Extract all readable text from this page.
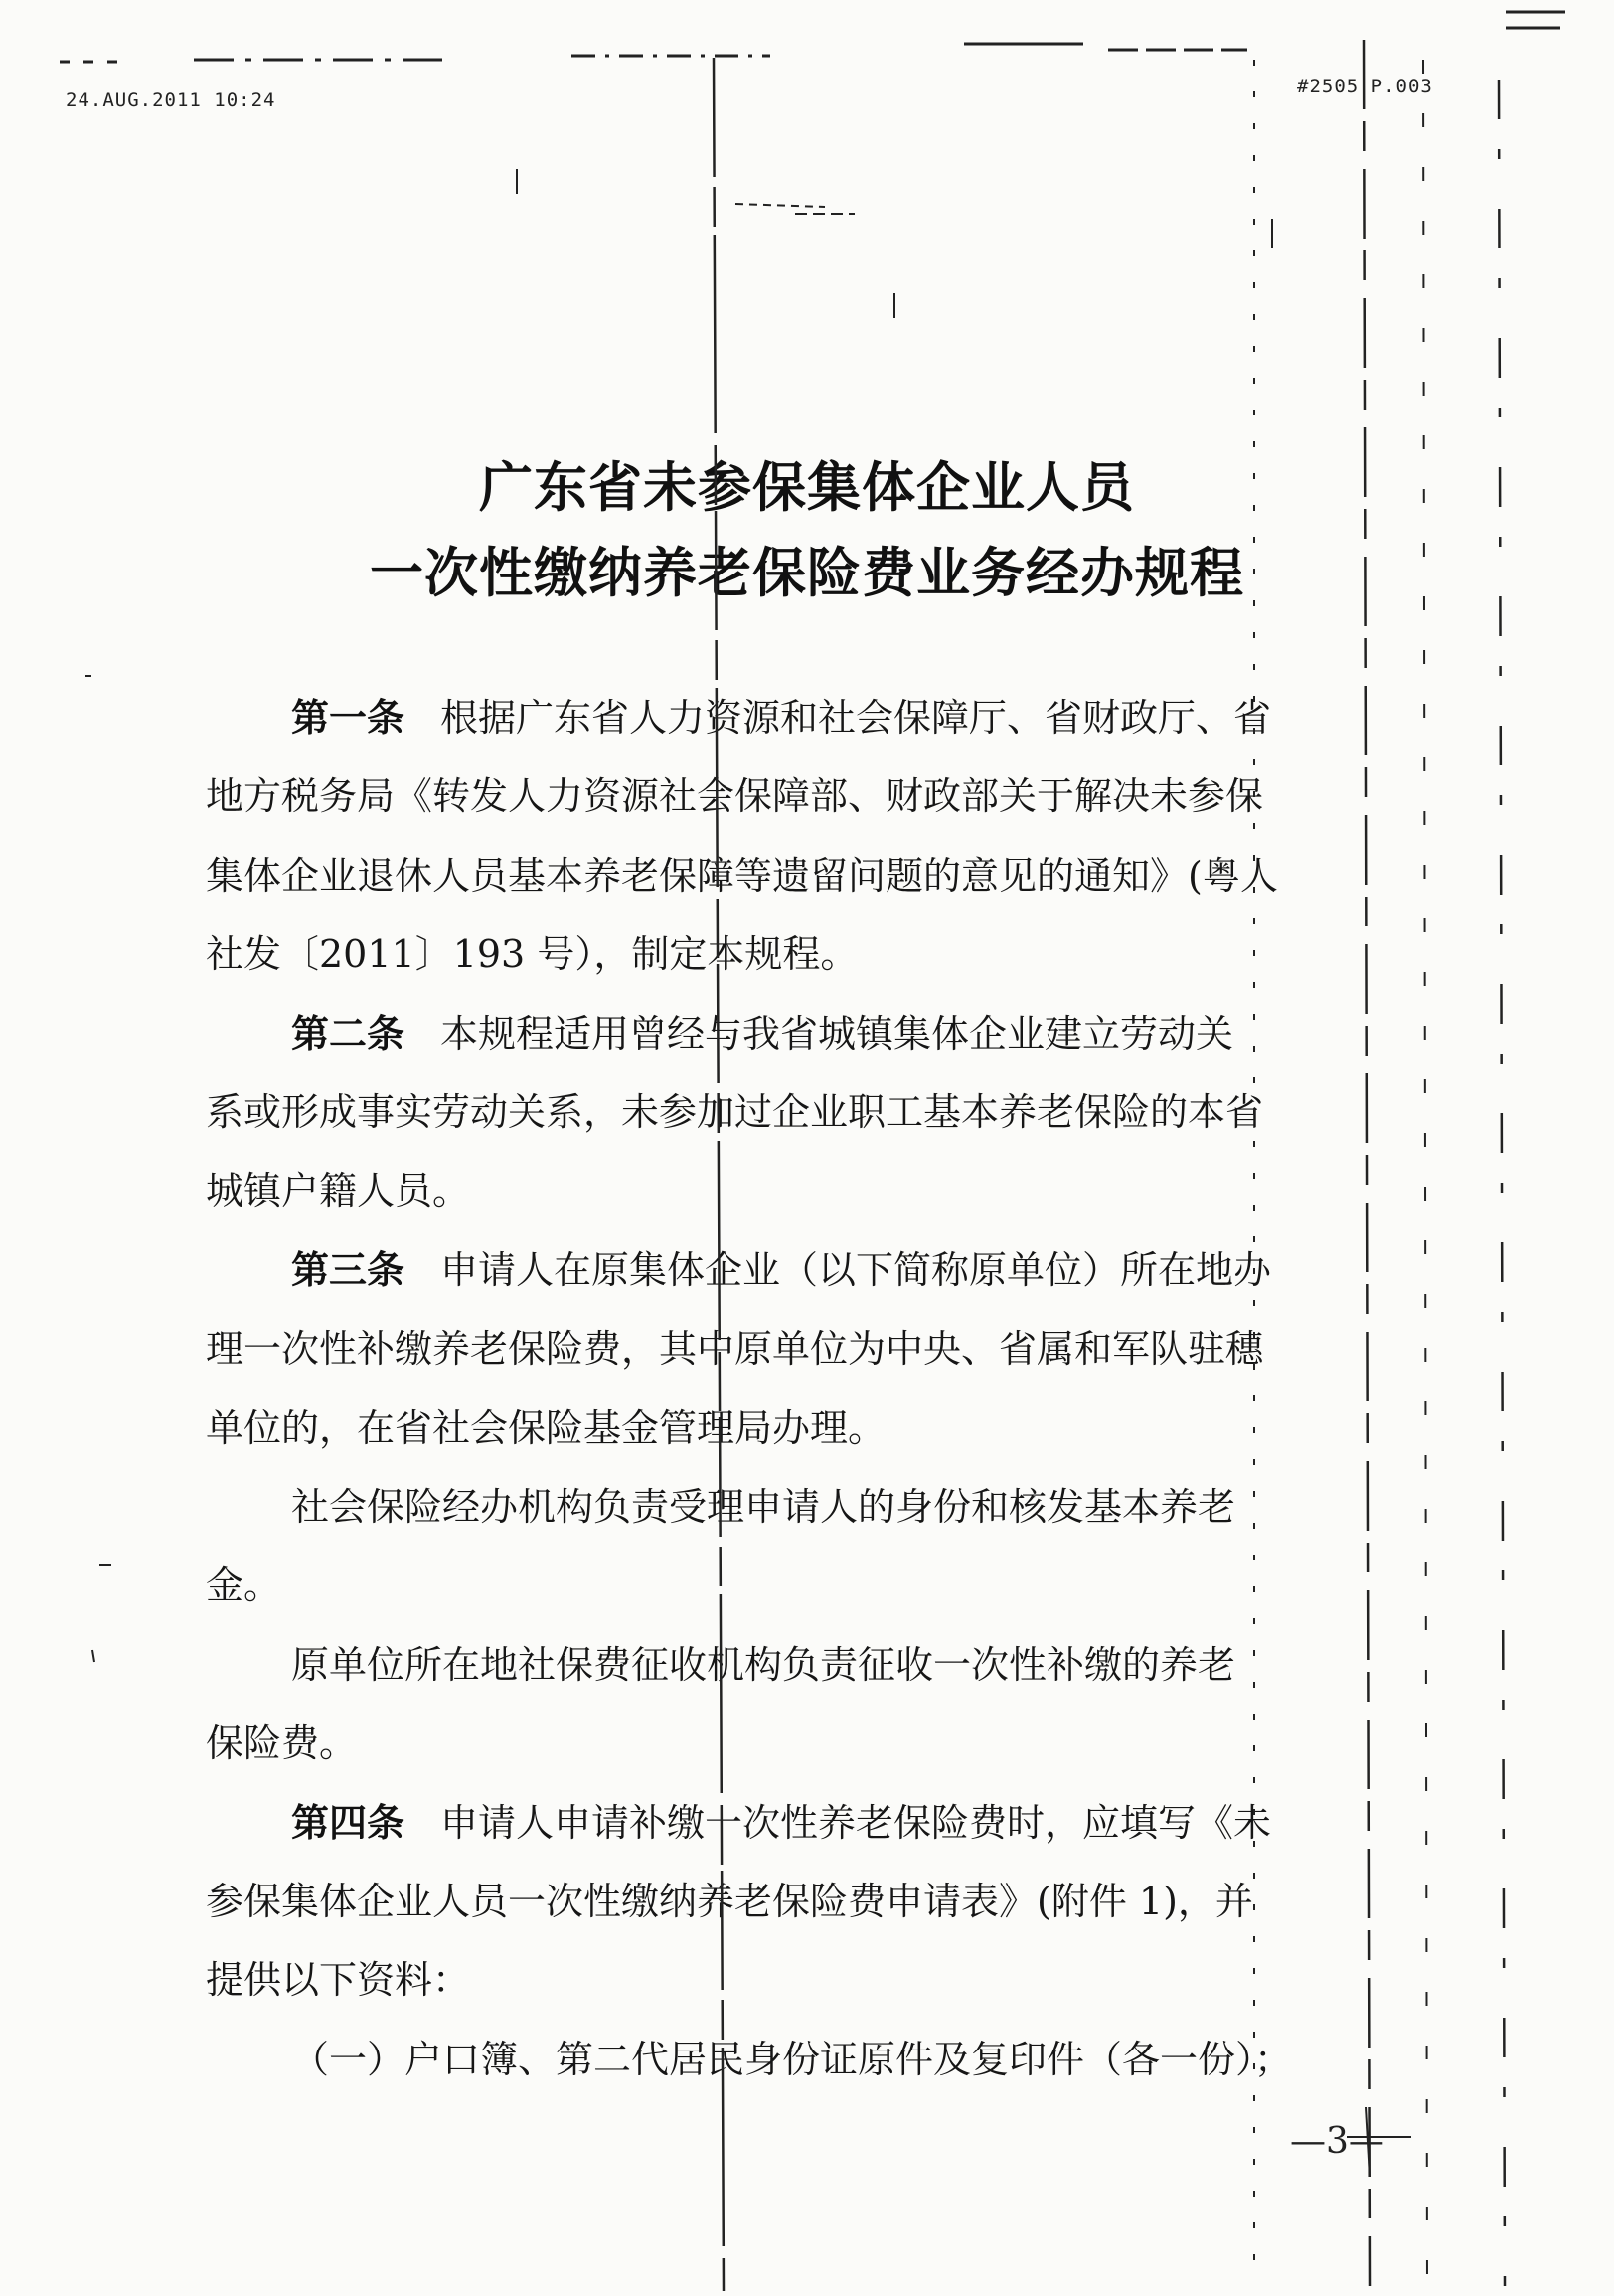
24.AUG.2011 10:24
#2505 P.003
广东省未参保集体企业人员
一次性缴纳养老保险费业务经办规程
第一条 根据广东省人力资源和社会保障厅、省财政厅、省
地方税务局《转发人力资源社会保障部、财政部关于解决未参保
集体企业退休人员基本养老保障等遗留问题的意见的通知》(粤人
社发〔2011〕193 号），制定本规程。
第二条 本规程适用曾经与我省城镇集体企业建立劳动关
系或形成事实劳动关系，未参加过企业职工基本养老保险的本省
城镇户籍人员。
第三条 申请人在原集体企业（以下简称原单位）所在地办
理一次性补缴养老保险费，其中原单位为中央、省属和军队驻穗
单位的，在省社会保险基金管理局办理。
社会保险经办机构负责受理申请人的身份和核发基本养老
金。
原单位所在地社保费征收机构负责征收一次性补缴的养老
保险费。
第四条 申请人申请补缴一次性养老保险费时，应填写《未
参保集体企业人员一次性缴纳养老保险费申请表》(附件 1)，并
提供以下资料：
（一）户口簿、第二代居民身份证原件及复印件（各一份）；
—3—
